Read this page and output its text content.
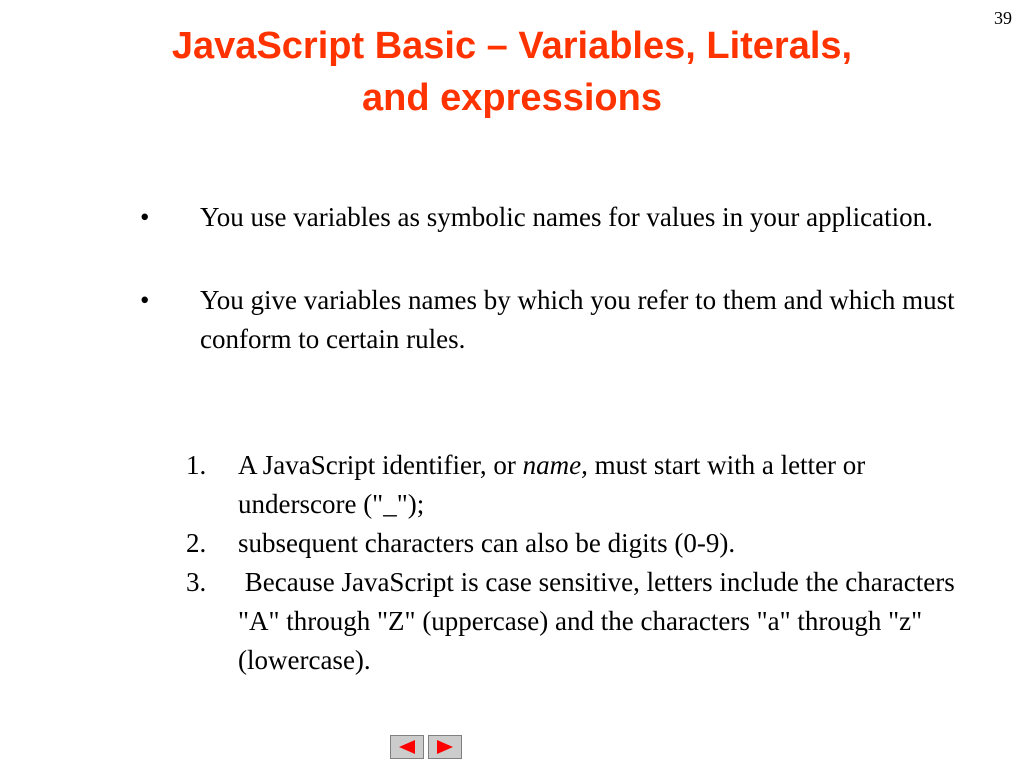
39
JavaScript Basic – Variables, Literals,
and expressions
• You use variables as symbolic names for values in your application.
• You give variables names by which you refer to them and which must conform to certain rules.
1. A JavaScript identifier, or name, must start with a letter or underscore ("_");
2. subsequent characters can also be digits (0-9).
3. Because JavaScript is case sensitive, letters include the characters "A" through "Z" (uppercase) and the characters "a" through "z" (lowercase).
